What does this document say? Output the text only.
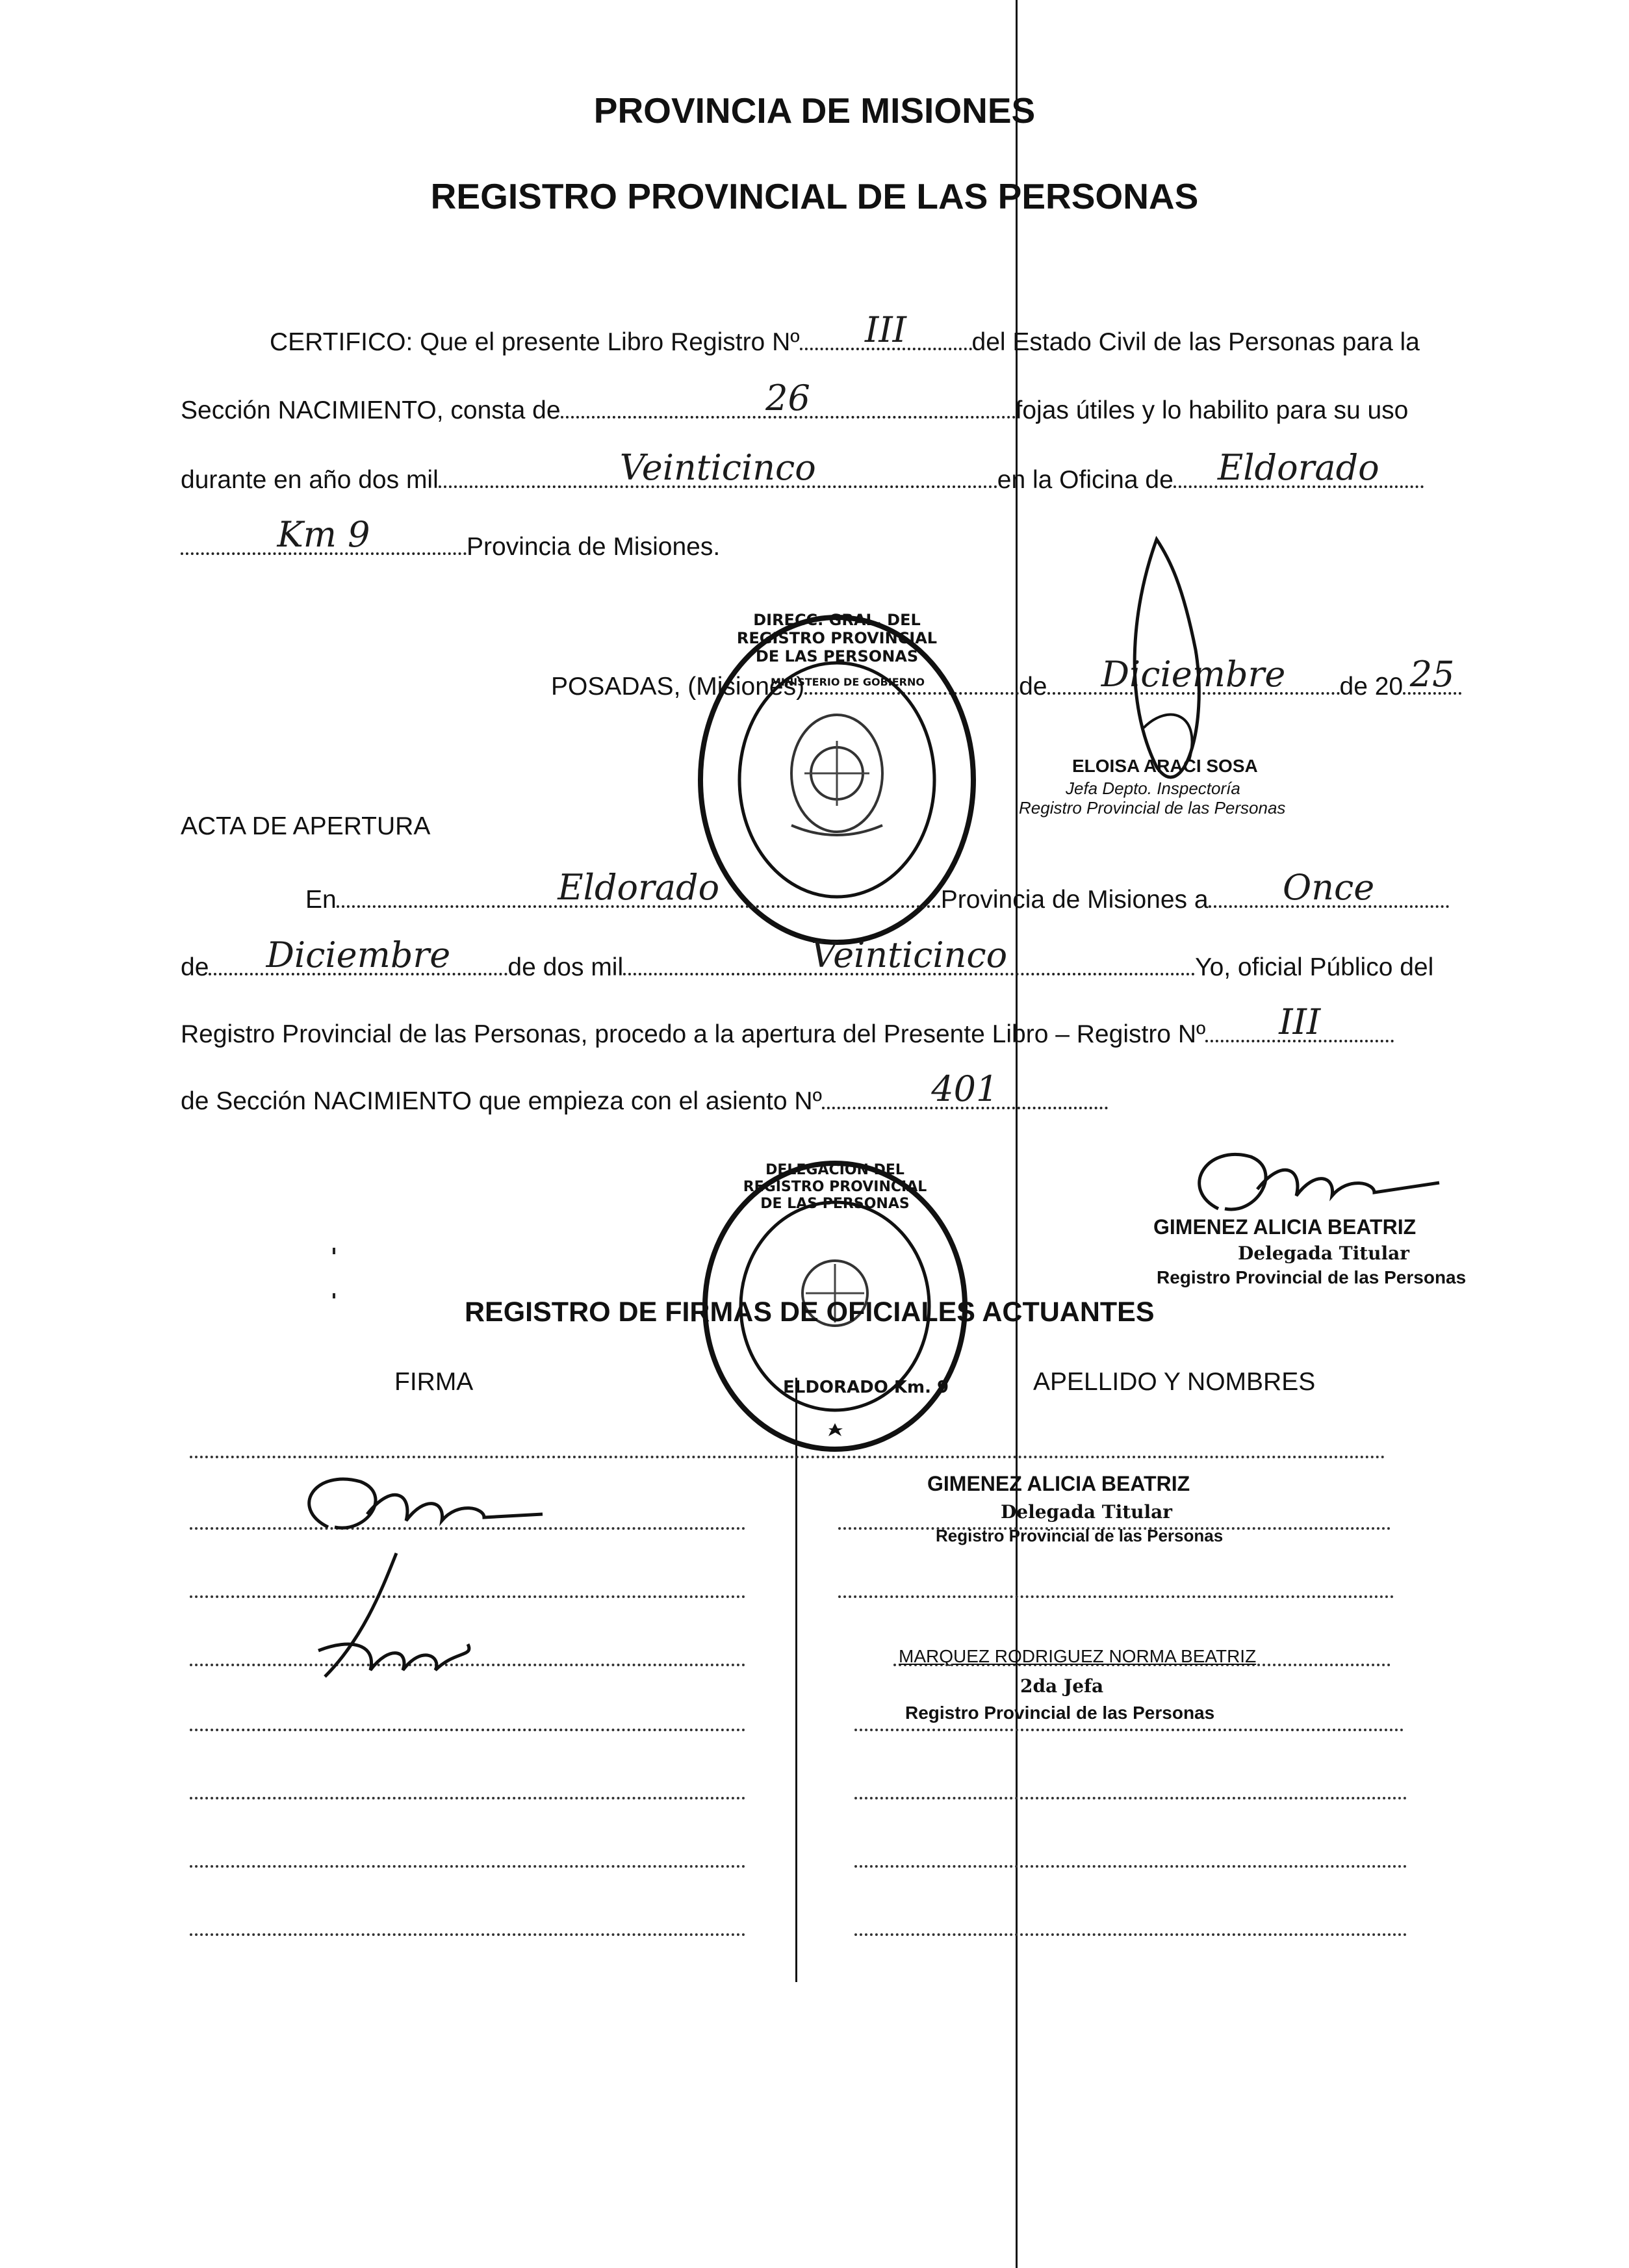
PROVINCIA DE MISIONES
REGISTRO PROVINCIAL DE LAS PERSONAS
CERTIFICO: Que el presente Libro Registro Nº	III	del Estado Civil de las Personas para la
Sección NACIMIENTO, consta de	26	fojas útiles y lo habilito para su uso
durante en año dos mil	Veinticinco	en la Oficina de	Eldorado
Km 9	Provincia de Misiones.
POSADAS, (Misiones)	de	Diciembre	de 20 25
DIRECC. GRAL. DEL REGISTRO PROVINCIAL DE LAS PERSONAS
MINISTERIO DE GOBIERNO
ELOISA ARACI SOSA
Jefa Depto. Inspectoría
Registro Provincial de las Personas
ACTA DE APERTURA
En	Eldorado	Provincia de Misiones a	Once
de	Diciembre	de dos mil	Veinticinco	Yo, oficial Público del
Registro Provincial de las Personas, procedo a la apertura del Presente Libro – Registro Nº	III
de Sección NACIMIENTO que empieza con el asiento Nº	401
GIMENEZ ALICIA BEATRIZ
Delegada Titular
Registro Provincial de las Personas
DELEGACION DEL REGISTRO PROVINCIAL DE LAS PERSONAS
ELDORADO Km. 9
REGISTRO DE FIRMAS DE OFICIALES ACTUANTES
FIRMA	APELLIDO Y NOMBRES
GIMENEZ ALICIA BEATRIZ
Delegada Titular
Registro Provincial de las Personas
MARQUEZ RODRIGUEZ NORMA BEATRIZ
2da Jefa
Registro Provincial de las Personas
